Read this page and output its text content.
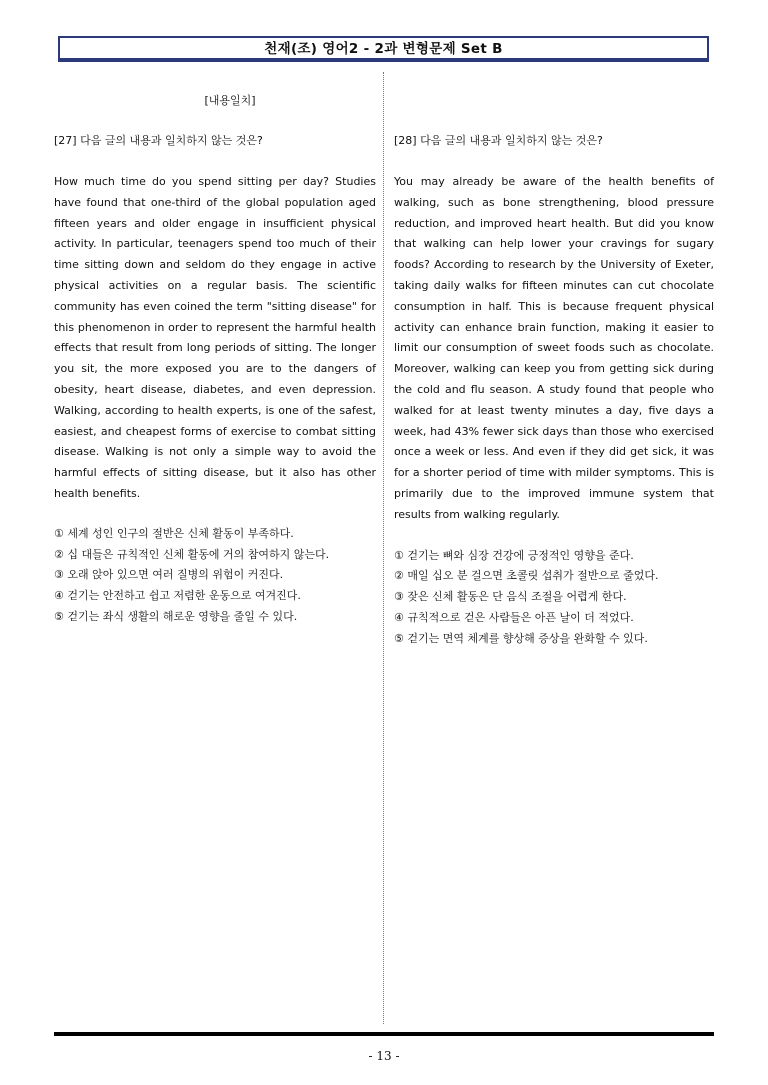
천재(조) 영어2 - 2과 변형문제 Set B
[내용일치]
[27] 다음 글의 내용과 일치하지 않는 것은?
How much time do you spend sitting per day? Studies have found that one-third of the global population aged fifteen years and older engage in insufficient physical activity. In particular, teenagers spend too much of their time sitting down and seldom do they engage in active physical activities on a regular basis. The scientific community has even coined the term "sitting disease" for this phenomenon in order to represent the harmful health effects that result from long periods of sitting. The longer you sit, the more exposed you are to the dangers of obesity, heart disease, diabetes, and even depression. Walking, according to health experts, is one of the safest, easiest, and cheapest forms of exercise to combat sitting disease. Walking is not only a simple way to avoid the harmful effects of sitting disease, but it also has other health benefits.
① 세계 성인 인구의 절반은 신체 활동이 부족하다.
② 십 대들은 규칙적인 신체 활동에 거의 참여하지 않는다.
③ 오래 앉아 있으면 여러 질병의 위험이 커진다.
④ 걷기는 안전하고 쉽고 저렴한 운동으로 여겨진다.
⑤ 걷기는 좌식 생활의 해로운 영향을 줄일 수 있다.
[28] 다음 글의 내용과 일치하지 않는 것은?
You may already be aware of the health benefits of walking, such as bone strengthening, blood pressure reduction, and improved heart health. But did you know that walking can help lower your cravings for sugary foods? According to research by the University of Exeter, taking daily walks for fifteen minutes can cut chocolate consumption in half. This is because frequent physical activity can enhance brain function, making it easier to limit our consumption of sweet foods such as chocolate. Moreover, walking can keep you from getting sick during the cold and flu season. A study found that people who walked for at least twenty minutes a day, five days a week, had 43% fewer sick days than those who exercised once a week or less. And even if they did get sick, it was for a shorter period of time with milder symptoms. This is primarily due to the improved immune system that results from walking regularly.
① 걷기는 뼈와 심장 건강에 긍정적인 영향을 준다.
② 매일 십오 분 걸으면 초콜릿 섭취가 절반으로 줄었다.
③ 잦은 신체 활동은 단 음식 조절을 어렵게 한다.
④ 규칙적으로 걷은 사람들은 아픈 날이 더 적었다.
⑤ 걷기는 면역 체계를 향상해 증상을 완화할 수 있다.
- 13 -
